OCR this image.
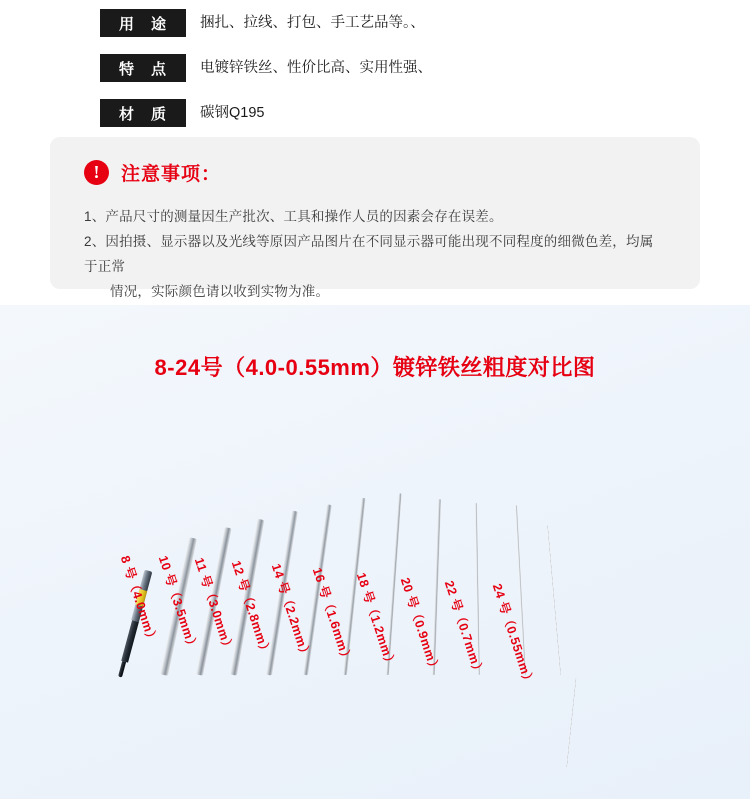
用　途	捆扎、拉线、打包、手工艺品等。、
特　点	电镀锌铁丝、性价比高、实用性强、
材　质	碳钢Q195
!	注意事项：
1、产品尺寸的测量因生产批次、工具和操作人员的因素会存在误差。
2、因拍摄、显示器以及光线等原因产品图片在不同显示器可能出现不同程度的细微色差，均属于正常
情况，实际颜色请以收到实物为准。
8-24号（4.0-0.55mm）镀锌铁丝粗度对比图
8 号（4.0mm）
10 号（3.5mm）
11 号（3.0mm）
12 号（2.8mm）
14 号（2.2mm）
16 号（1.6mm）
18 号（1.2mm）
20 号（0.9mm）
22 号（0.7mm）
24 号（0.55mm）
